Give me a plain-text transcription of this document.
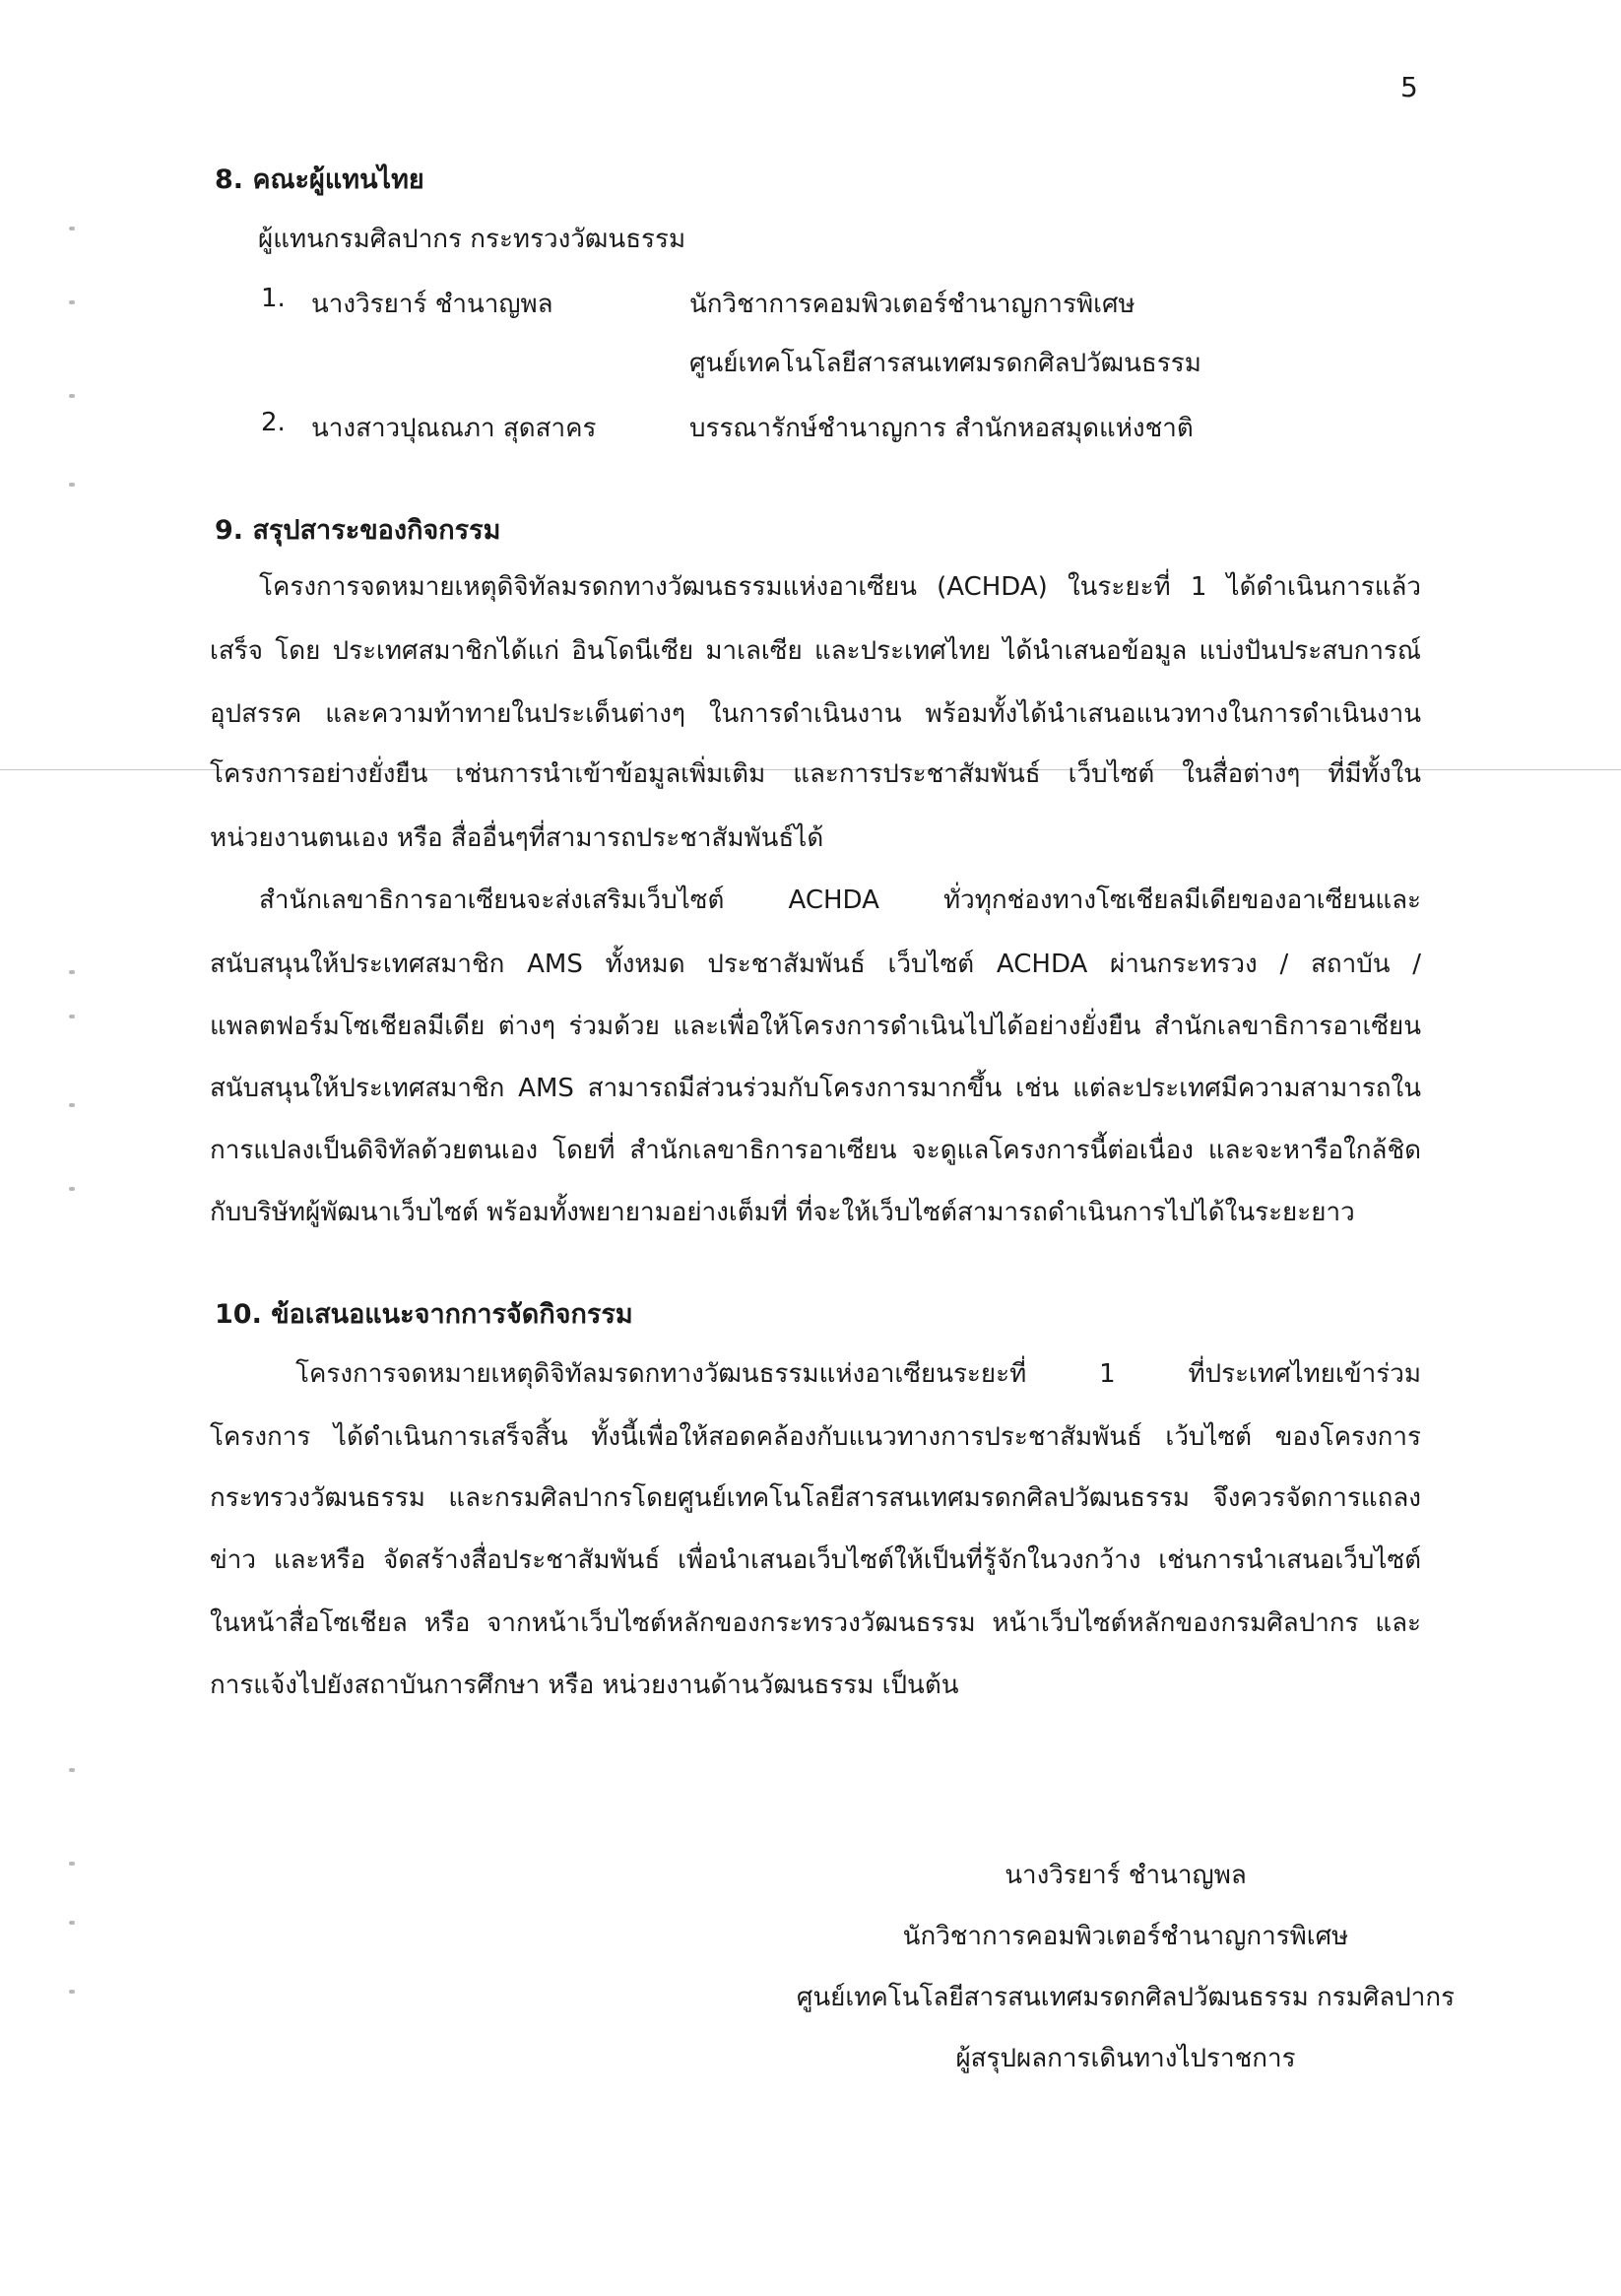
5
8. คณะผู้แทนไทย
ผู้แทนกรมศิลปากร กระทรวงวัฒนธรรม
1. นางวิรยาร์ ชำนาญพล	นักวิชาการคอมพิวเตอร์ชำนาญการพิเศษ
ศูนย์เทคโนโลยีสารสนเทศมรดกศิลปวัฒนธรรม
2. นางสาวปุณณภา สุดสาคร	บรรณารักษ์ชำนาญการ สำนักหอสมุดแห่งชาติ
9. สรุปสาระของกิจกรรม
โครงการจดหมายเหตุดิจิทัลมรดกทางวัฒนธรรมแห่งอาเซียน (ACHDA) ในระยะที่ 1 ได้ดำเนินการแล้ว
เสร็จ โดย ประเทศสมาชิกได้แก่ อินโดนีเซีย มาเลเซีย และประเทศไทย ได้นำเสนอข้อมูล แบ่งปันประสบการณ์
อุปสรรค และความท้าทายในประเด็นต่างๆ ในการดำเนินงาน พร้อมทั้งได้นำเสนอแนวทางในการดำเนินงาน
โครงการอย่างยั่งยืน เช่นการนำเข้าข้อมูลเพิ่มเติม และการประชาสัมพันธ์ เว็บไซต์ ในสื่อต่างๆ ที่มีทั้งใน
หน่วยงานตนเอง หรือ สื่ออื่นๆที่สามารถประชาสัมพันธ์ได้
สำนักเลขาธิการอาเซียนจะส่งเสริมเว็บไซต์ ACHDA ทั่วทุกช่องทางโซเชียลมีเดียของอาเซียนและ
สนับสนุนให้ประเทศสมาชิก AMS ทั้งหมด ประชาสัมพันธ์ เว็บไซต์ ACHDA ผ่านกระทรวง / สถาบัน /
แพลตฟอร์มโซเชียลมีเดีย ต่างๆ ร่วมด้วย และเพื่อให้โครงการดำเนินไปได้อย่างยั่งยืน สำนักเลขาธิการอาเซียน
สนับสนุนให้ประเทศสมาชิก AMS สามารถมีส่วนร่วมกับโครงการมากขึ้น เช่น แต่ละประเทศมีความสามารถใน
การแปลงเป็นดิจิทัลด้วยตนเอง โดยที่ สำนักเลขาธิการอาเซียน จะดูแลโครงการนี้ต่อเนื่อง และจะหารือใกล้ชิด
กับบริษัทผู้พัฒนาเว็บไซต์ พร้อมทั้งพยายามอย่างเต็มที่ ที่จะให้เว็บไซต์สามารถดำเนินการไปได้ในระยะยาว
10. ข้อเสนอแนะจากการจัดกิจกรรม
โครงการจดหมายเหตุดิจิทัลมรดกทางวัฒนธรรมแห่งอาเซียนระยะที่ 1 ที่ประเทศไทยเข้าร่วม
โครงการ ได้ดำเนินการเสร็จสิ้น ทั้งนี้เพื่อให้สอดคล้องกับแนวทางการประชาสัมพันธ์ เว้บไซต์ ของโครงการ
กระทรวงวัฒนธรรม และกรมศิลปากรโดยศูนย์เทคโนโลยีสารสนเทศมรดกศิลปวัฒนธรรม จึงควรจัดการแถลง
ข่าว และหรือ จัดสร้างสื่อประชาสัมพันธ์ เพื่อนำเสนอเว็บไซต์ให้เป็นที่รู้จักในวงกว้าง เช่นการนำเสนอเว็บไซต์
ในหน้าสื่อโซเชียล หรือ จากหน้าเว็บไซต์หลักของกระทรวงวัฒนธรรม หน้าเว็บไซต์หลักของกรมศิลปากร และ
การแจ้งไปยังสถาบันการศึกษา หรือ หน่วยงานด้านวัฒนธรรม เป็นต้น
นางวิรยาร์ ชำนาญพล
นักวิชาการคอมพิวเตอร์ชำนาญการพิเศษ
ศูนย์เทคโนโลยีสารสนเทศมรดกศิลปวัฒนธรรม กรมศิลปากร
ผู้สรุปผลการเดินทางไปราชการ
